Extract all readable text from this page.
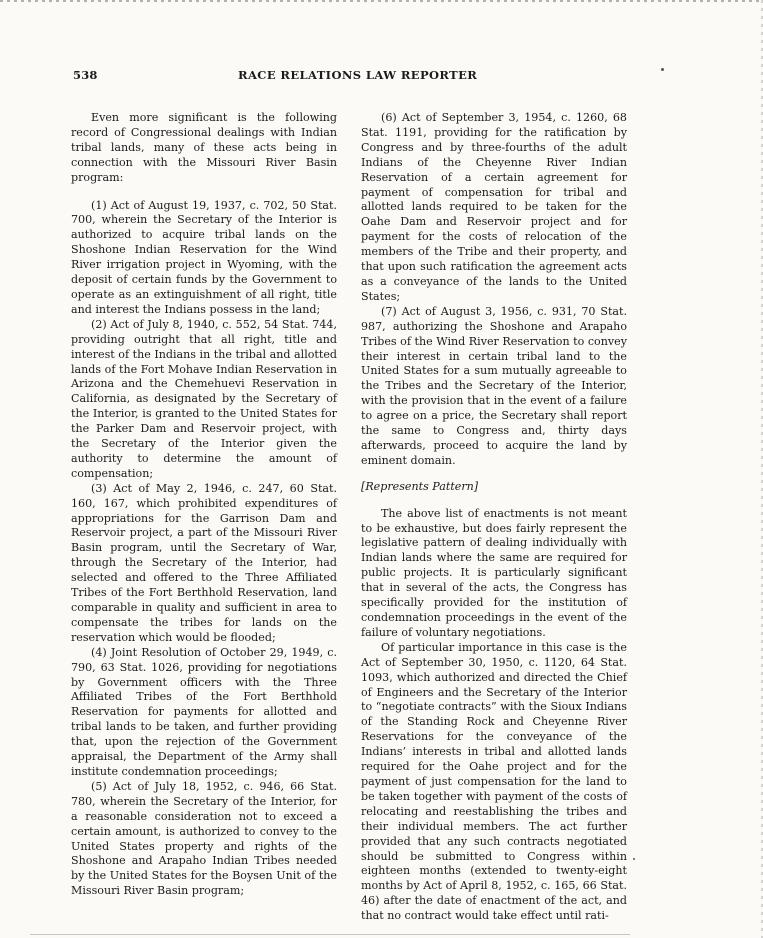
538	RACE RELATIONS LAW REPORTER

Even more significant is the following record of Congressional dealings with Indian tribal lands, many of these acts being in connection with the Missouri River Basin program:

(1) Act of August 19, 1937, c. 702, 50 Stat. 700, wherein the Secretary of the Interior is authorized to acquire tribal lands on the Shoshone Indian Reservation for the Wind River irrigation project in Wyoming, with the deposit of certain funds by the Government to operate as an extinguishment of all right, title and interest the Indians possess in the land;

(2) Act of July 8, 1940, c. 552, 54 Stat. 744, providing outright that all right, title and interest of the Indians in the tribal and allotted lands of the Fort Mohave Indian Reservation in Arizona and the Chemehuevi Reservation in California, as designated by the Secretary of the Interior, is granted to the United States for the Parker Dam and Reservoir project, with the Secretary of the Interior given the authority to determine the amount of compensation;

(3) Act of May 2, 1946, c. 247, 60 Stat. 160, 167, which prohibited expenditures of appropriations for the Garrison Dam and Reservoir project, a part of the Missouri River Basin program, until the Secretary of War, through the Secretary of the Interior, had selected and offered to the Three Affiliated Tribes of the Fort Berthhold Reservation, land comparable in quality and sufficient in area to compensate the tribes for lands on the reservation which would be flooded;

(4) Joint Resolution of October 29, 1949, c. 790, 63 Stat. 1026, providing for negotiations by Government officers with the Three Affiliated Tribes of the Fort Berthhold Reservation for payments for allotted and tribal lands to be taken, and further providing that, upon the rejection of the Government appraisal, the Department of the Army shall institute condemnation proceedings;

(5) Act of July 18, 1952, c. 946, 66 Stat. 780, wherein the Secretary of the Interior, for a reasonable consideration not to exceed a certain amount, is authorized to convey to the United States property and rights of the Shoshone and Arapaho Indian Tribes needed by the United States for the Boysen Unit of the Missouri River Basin program;

(6) Act of September 3, 1954, c. 1260, 68 Stat. 1191, providing for the ratification by Congress and by three-fourths of the adult Indians of the Cheyenne River Indian Reservation of a certain agreement for payment of compensation for tribal and allotted lands required to be taken for the Oahe Dam and Reservoir project and for payment for the costs of relocation of the members of the Tribe and their property, and that upon such ratification the agreement acts as a conveyance of the lands to the United States;

(7) Act of August 3, 1956, c. 931, 70 Stat. 987, authorizing the Shoshone and Arapaho Tribes of the Wind River Reservation to convey their interest in certain tribal land to the United States for a sum mutually agreeable to the Tribes and the Secretary of the Interior, with the provision that in the event of a failure to agree on a price, the Secretary shall report the same to Congress and, thirty days afterwards, proceed to acquire the land by eminent domain.

[Represents Pattern]

The above list of enactments is not meant to be exhaustive, but does fairly represent the legislative pattern of dealing individually with Indian lands where the same are required for public projects. It is particularly significant that in several of the acts, the Congress has specifically provided for the institution of condemnation proceedings in the event of the failure of voluntary negotiations.

Of particular importance in this case is the Act of September 30, 1950, c. 1120, 64 Stat. 1093, which authorized and directed the Chief of Engineers and the Secretary of the Interior to “negotiate contracts” with the Sioux Indians of the Standing Rock and Cheyenne River Reservations for the conveyance of the Indians’ interests in tribal and allotted lands required for the Oahe project and for the payment of just compensation for the land to be taken together with payment of the costs of relocating and reestablishing the tribes and their individual members. The act further provided that any such contracts negotiated should be submitted to Congress within eighteen months (extended to twenty-eight months by Act of April 8, 1952, c. 165, 66 Stat. 46) after the date of enactment of the act, and that no contract would take effect until rati-
